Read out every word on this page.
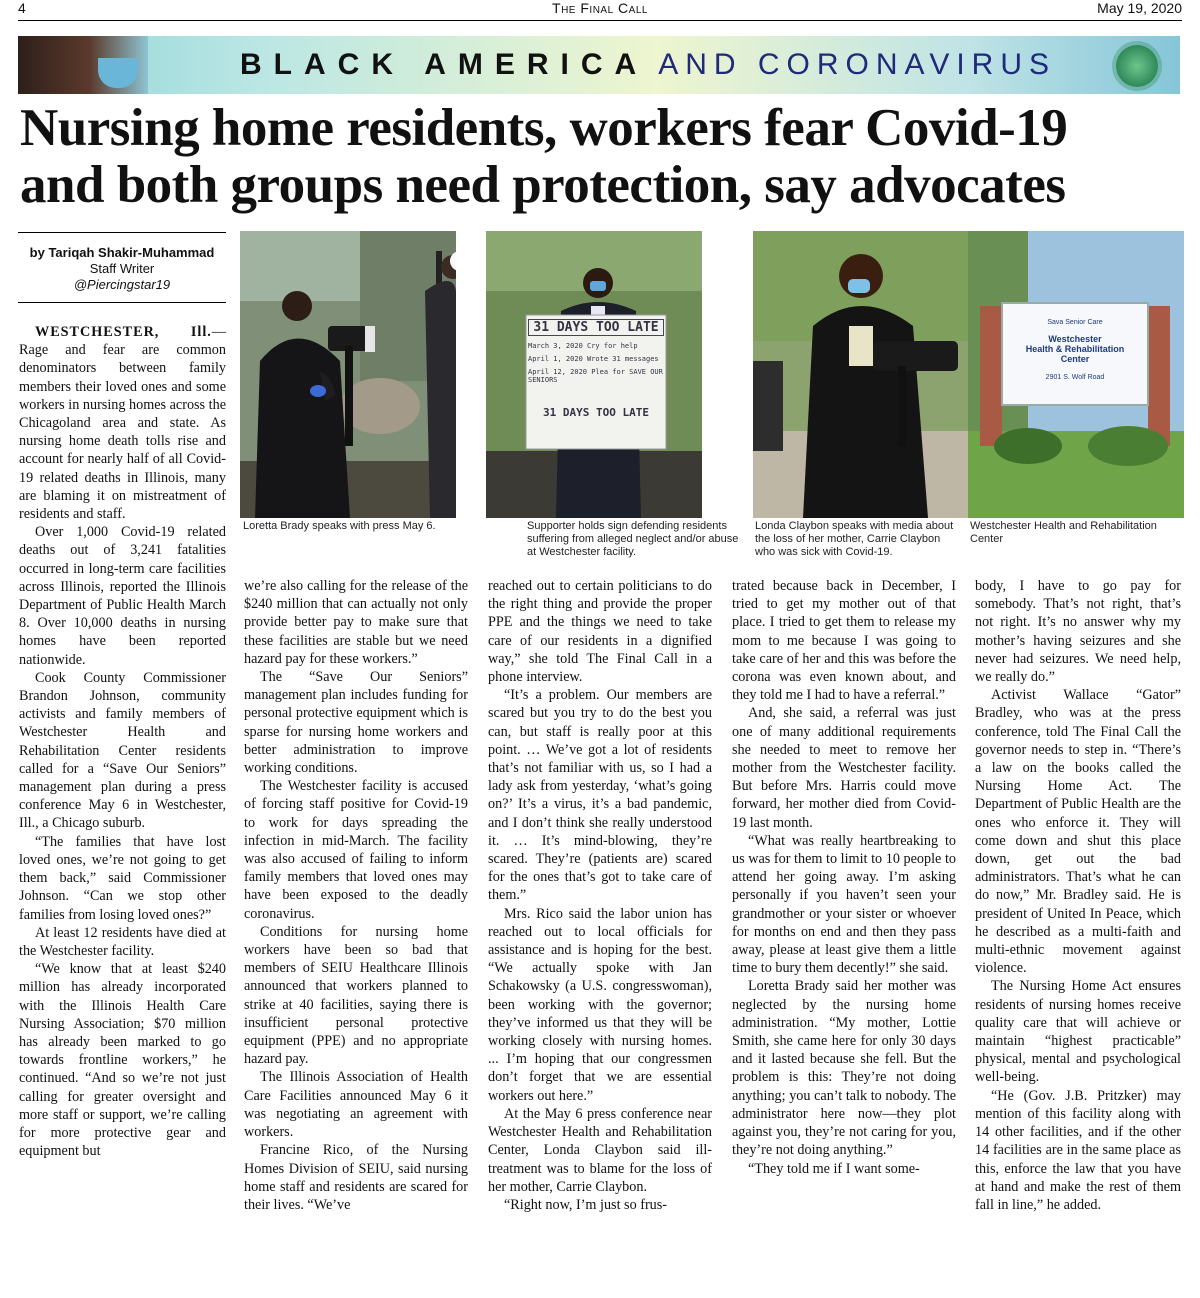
4	The Final Call	May 19, 2020
BLACK AMERICA AND CORONAVIRUS
Nursing home residents, workers fear Covid-19
and both groups need protection, say advocates
by Tariqah Shakir-Muhammad
Staff Writer
@Piercingstar19
31 DAYS TOO LATE
March 3, 2020 Cry for help
April 1, 2020 Wrote 31 messages
April 12, 2020 Plea for SAVE OUR SENIORS
31 DAYS TOO LATE
Sava Senior Care
Westchester
Health & Rehabilitation
Center
2901 S. Wolf Road
Loretta Brady speaks with press May 6.	Supporter holds sign defending residents suffering from alleged neglect and/or abuse at Westchester facility.
Londa Claybon speaks with media about the loss of her mother, Carrie Claybon who was sick with Covid-19.
Westchester Health and Rehabilitation Center

WESTCHESTER, Ill.—Rage and fear are common denominators between family members their loved ones and some workers in nursing homes across the Chicagoland area and state. As nursing home death tolls rise and account for nearly half of all Covid-19 related deaths in Illinois, many are blaming it on mistreatment of residents and staff.

Over 1,000 Covid-19 related deaths out of 3,241 fatalities occurred in long-term care facilities across Illinois, reported the Illinois Department of Public Health March 8. Over 10,000 deaths in nursing homes have been reported nationwide.

Cook County Commissioner Brandon Johnson, community activists and family members of Westchester Health and Rehabilitation Center residents called for a “Save Our Seniors” management plan during a press conference May 6 in Westchester, Ill., a Chicago suburb.

“The families that have lost loved ones, we’re not going to get them back,” said Commissioner Johnson. “Can we stop other families from losing loved ones?”

At least 12 residents have died at the Westchester facility.

“We know that at least $240 million has already incorporated with the Illinois Health Care Nursing Association; $70 million has already been marked to go towards frontline workers,” he continued. “And so we’re not just calling for greater oversight and more staff or support, we’re calling for more protective gear and equipment but

we’re also calling for the release of the $240 million that can actually not only provide better pay to make sure that these facilities are stable but we need hazard pay for these workers.”

The “Save Our Seniors” management plan includes funding for personal protective equipment which is sparse for nursing home workers and better administration to improve working conditions.

The Westchester facility is accused of forcing staff positive for Covid-19 to work for days spreading the infection in mid-March. The facility was also accused of failing to inform family members that loved ones may have been exposed to the deadly coronavirus.

Conditions for nursing home workers have been so bad that members of SEIU Healthcare Illinois announced that workers planned to strike at 40 facilities, saying there is insufficient personal protective equipment (PPE) and no appropriate hazard pay.

The Illinois Association of Health Care Facilities announced May 6 it was negotiating an agreement with workers.

Francine Rico, of the Nursing Homes Division of SEIU, said nursing home staff and residents are scared for their lives. “We’ve

reached out to certain politicians to do the right thing and provide the proper PPE and the things we need to take care of our residents in a dignified way,” she told The Final Call in a phone interview.

“It’s a problem. Our members are scared but you try to do the best you can, but staff is really poor at this point. … We’ve got a lot of residents that’s not familiar with us, so I had a lady ask from yesterday, ‘what’s going on?’ It’s a virus, it’s a bad pandemic, and I don’t think she really understood it. … It’s mind-blowing, they’re scared. They’re (patients are) scared for the ones that’s got to take care of them.”

Mrs. Rico said the labor union has reached out to local officials for assistance and is hoping for the best. “We actually spoke with Jan Schakowsky (a U.S. congresswoman), been working with the governor; they’ve informed us that they will be working closely with nursing homes. ... I’m hoping that our congressmen don’t forget that we are essential workers out here.”

At the May 6 press conference near Westchester Health and Rehabilitation Center, Londa Claybon said ill-treatment was to blame for the loss of her mother, Carrie Claybon.

“Right now, I’m just so frus-

trated because back in December, I tried to get my mother out of that place. I tried to get them to release my mom to me because I was going to take care of her and this was before the corona was even known about, and they told me I had to have a referral.”

And, she said, a referral was just one of many additional requirements she needed to meet to remove her mother from the Westchester facility. But before Mrs. Harris could move forward, her mother died from Covid-19 last month.

“What was really heartbreaking to us was for them to limit to 10 people to attend her going away. I’m asking personally if you haven’t seen your grandmother or your sister or whoever for months on end and then they pass away, please at least give them a little time to bury them decently!” she said.

Loretta Brady said her mother was neglected by the nursing home administration. “My mother, Lottie Smith, she came here for only 30 days and it lasted because she fell. But the problem is this: They’re not doing anything; you can’t talk to nobody. The administrator here now—they plot against you, they’re not caring for you, they’re not doing anything.”

“They told me if I want some-

body, I have to go pay for somebody. That’s not right, that’s not right. It’s no answer why my mother’s having seizures and she never had seizures. We need help, we really do.”

Activist Wallace “Gator” Bradley, who was at the press conference, told The Final Call the governor needs to step in. “There’s a law on the books called the Nursing Home Act. The Department of Public Health are the ones who enforce it. They will come down and shut this place down, get out the bad administrators. That’s what he can do now,” Mr. Bradley said. He is president of United In Peace, which he described as a multi-faith and multi-ethnic movement against violence.

The Nursing Home Act ensures residents of nursing homes receive quality care that will achieve or maintain “highest practicable” physical, mental and psychological well-being.

“He (Gov. J.B. Pritzker) may mention of this facility along with 14 other facilities, and if the other 14 facilities are in the same place as this, enforce the law that you have at hand and make the rest of them fall in line,” he added.
